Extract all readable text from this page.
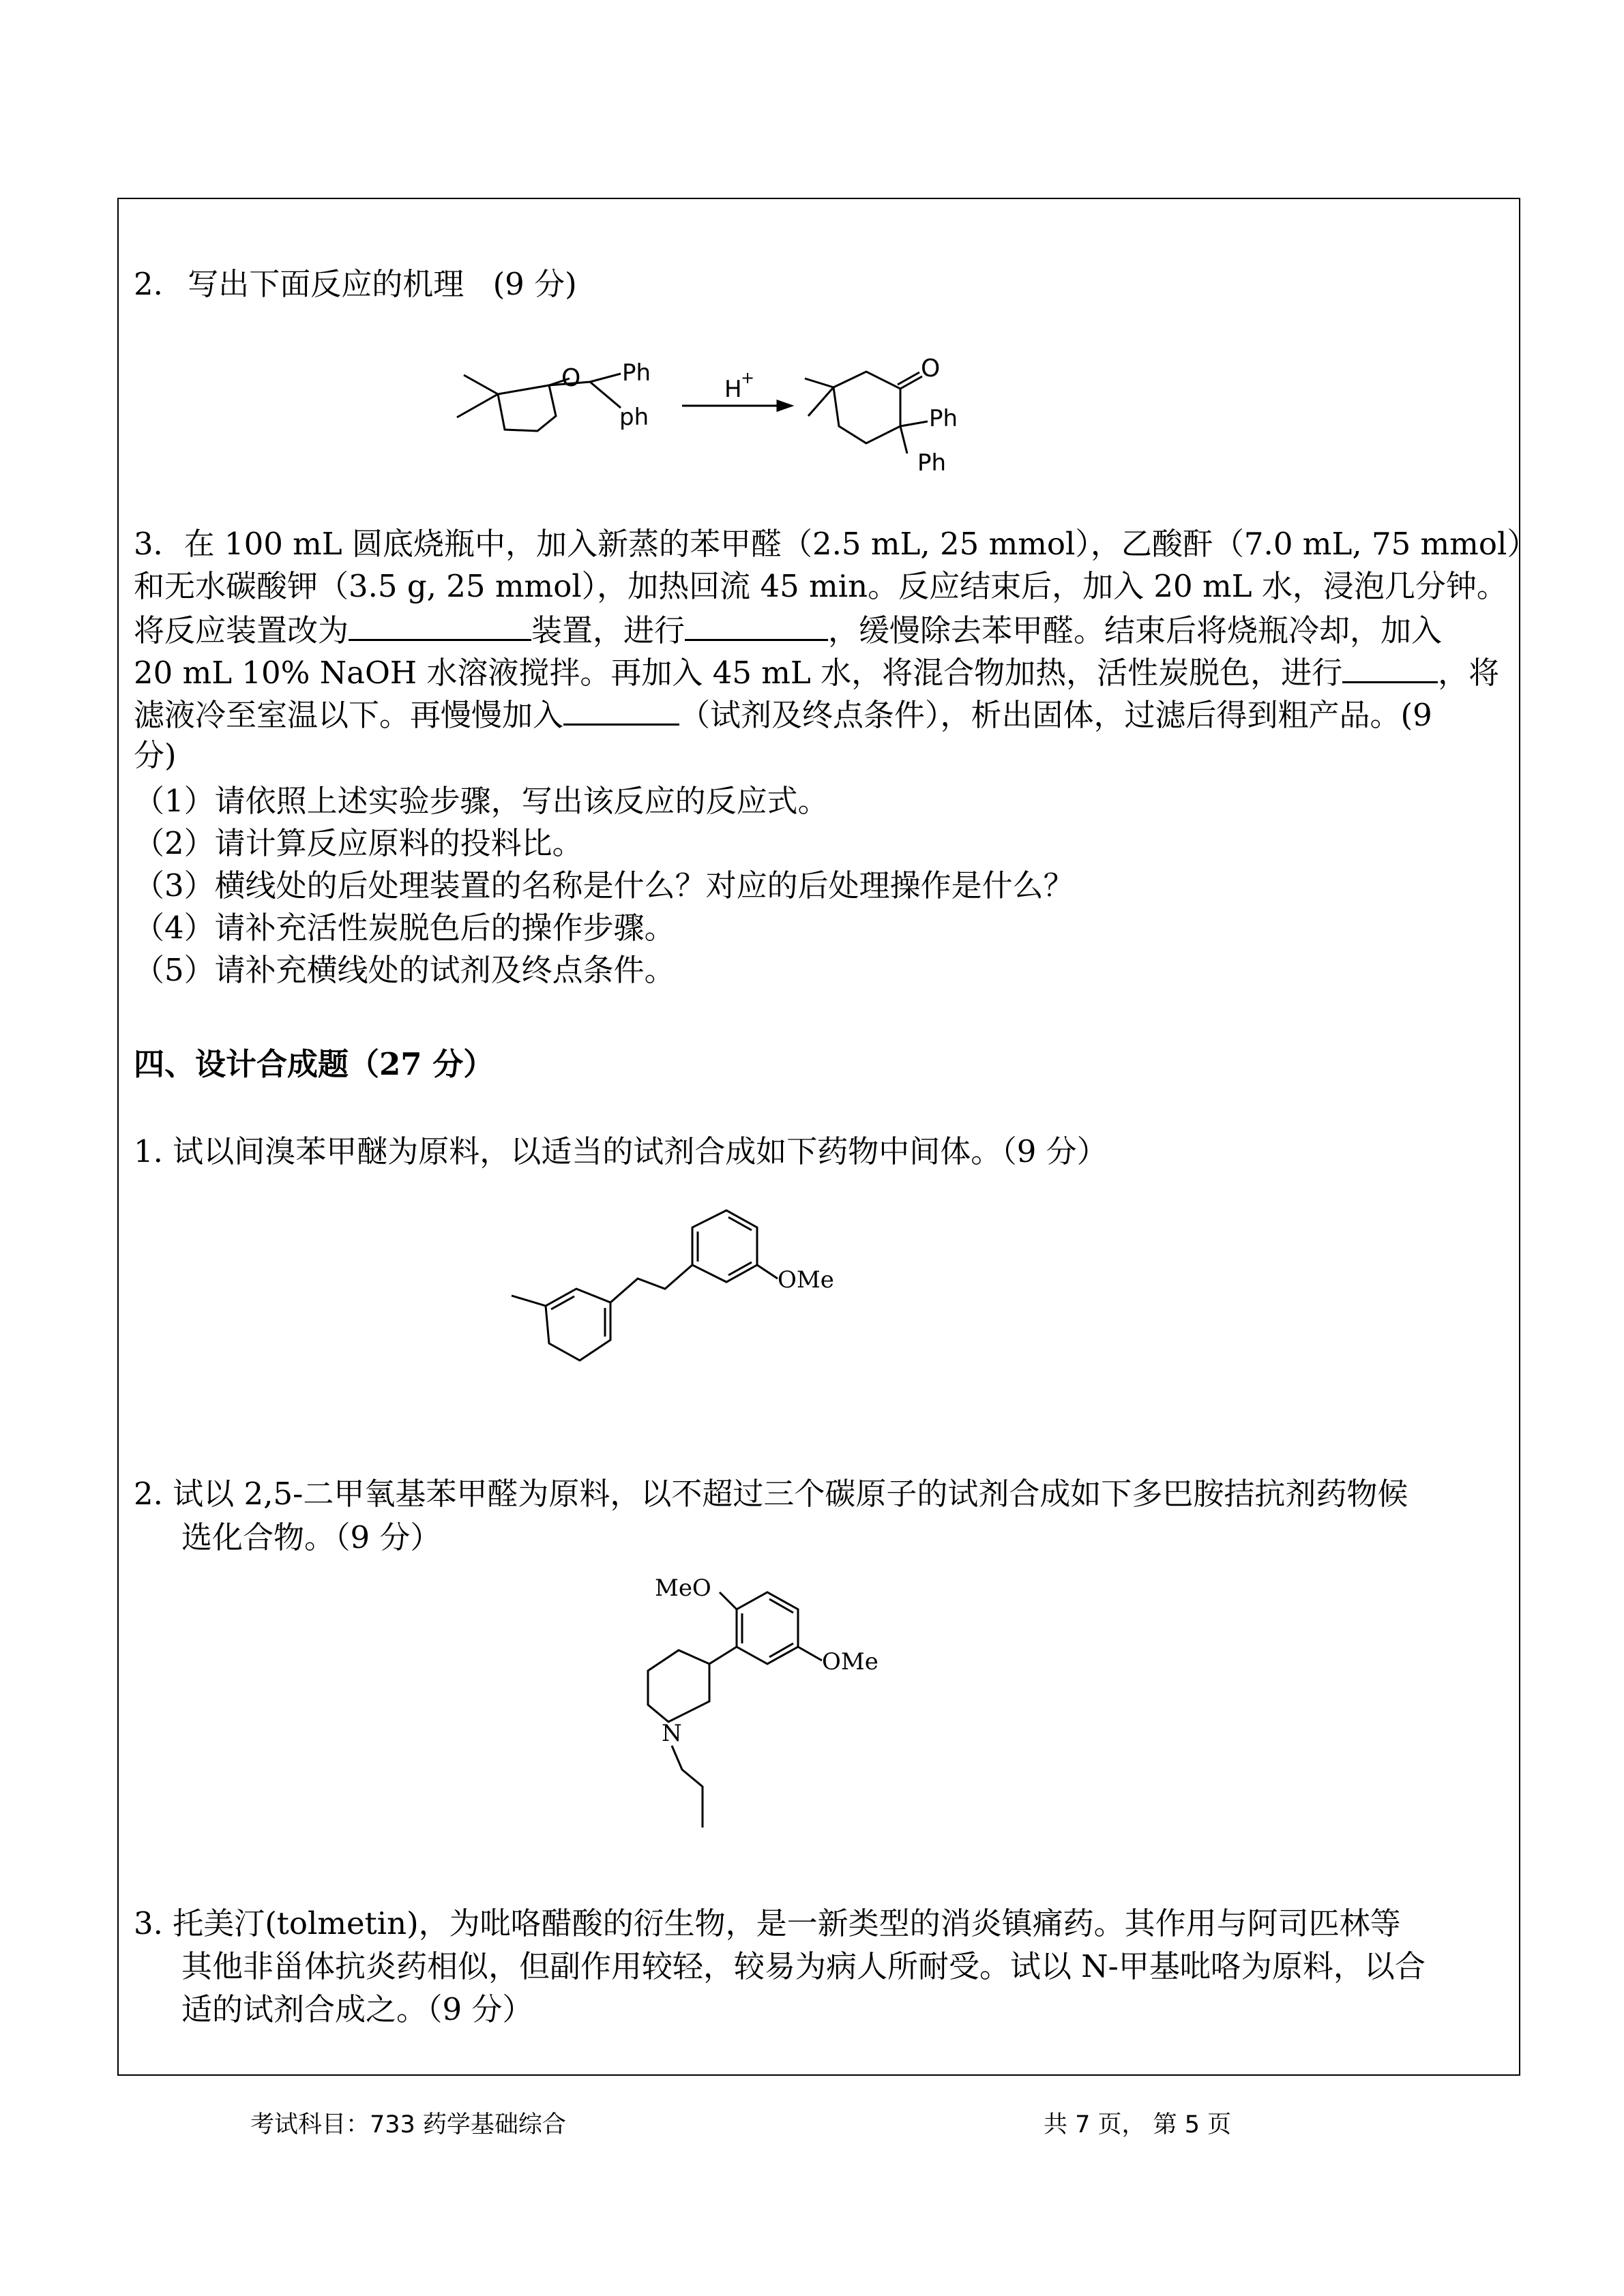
2. 写出下面反应的机理 (9 分)

O Ph
ph
H
+	O
Ph
Ph

3．在 100 mL 圆底烧瓶中，加入新蒸的苯甲醛（2.5 mL, 25 mmol），乙酸酐（7.0 mL, 75 mmol）

和无水碳酸钾（3.5 g, 25 mmol），加热回流 45 min。反应结束后，加入 20 mL 水，浸泡几分钟。

将反应装置改为	装置，进行	，缓慢除去苯甲醛。结束后将烧瓶冷却，加入

20 mL 10% NaOH 水溶液搅拌。再加入 45 mL 水，将混合物加热，活性炭脱色，进行	，将

滤液冷至室温以下。再慢慢加入	（试剂及终点条件），析出固体，过滤后得到粗产品。(9

分)

（1）请依照上述实验步骤，写出该反应的反应式。

（2）请计算反应原料的投料比。

（3）横线处的后处理装置的名称是什么？对应的后处理操作是什么？

（4）请补充活性炭脱色后的操作步骤。

（5）请补充横线处的试剂及终点条件。

四、设计合成题（27 分）

1. 试以间溴苯甲醚为原料，以适当的试剂合成如下药物中间体。（9 分）

OMe

2. 试以 2,5-二甲氧基苯甲醛为原料，以不超过三个碳原子的试剂合成如下多巴胺拮抗剂药物候

选化合物。（9 分）

MeO
OMe
N

3. 托美汀(tolmetin)，为吡咯醋酸的衍生物，是一新类型的消炎镇痛药。其作用与阿司匹林等

其他非甾体抗炎药相似，但副作用较轻，较易为病人所耐受。试以 N-甲基吡咯为原料，以合

适的试剂合成之。（9 分）

考试科目：733 药学基础综合	共 7 页， 第 5 页
